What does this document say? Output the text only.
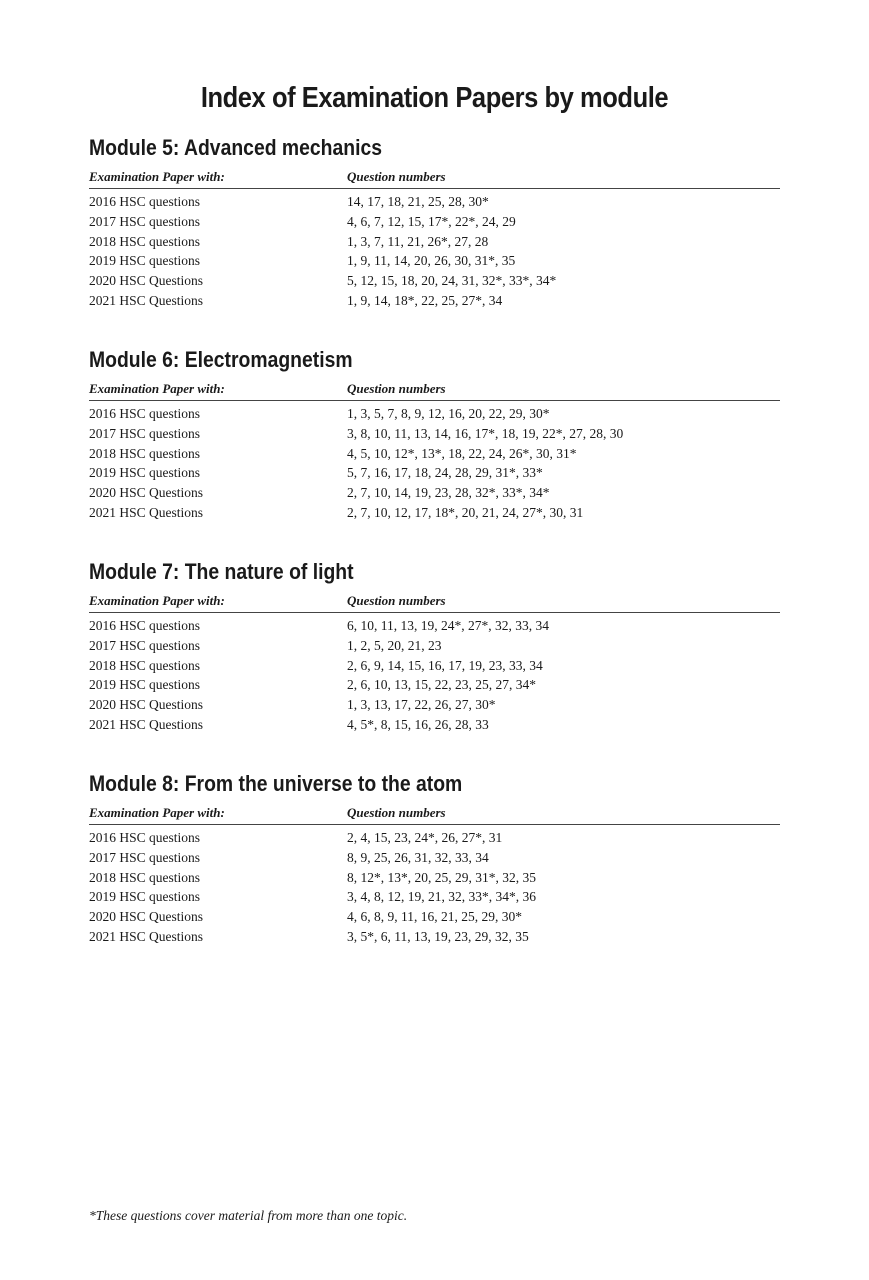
Index of Examination Papers by module
Module 5: Advanced mechanics
Examination Paper with:	Question numbers
2016 HSC questions	14, 17, 18, 21, 25, 28, 30*
2017 HSC questions	4, 6, 7, 12, 15, 17*, 22*, 24, 29
2018 HSC questions	1, 3, 7, 11, 21, 26*, 27, 28
2019 HSC questions	1, 9, 11, 14, 20, 26, 30, 31*, 35
2020 HSC Questions	5, 12, 15, 18, 20, 24, 31, 32*, 33*, 34*
2021 HSC Questions	1, 9, 14, 18*, 22, 25, 27*, 34
Module 6: Electromagnetism
Examination Paper with:	Question numbers
2016 HSC questions	1, 3, 5, 7, 8, 9, 12, 16, 20, 22, 29, 30*
2017 HSC questions	3, 8, 10, 11, 13, 14, 16, 17*, 18, 19, 22*, 27, 28, 30
2018 HSC questions	4, 5, 10, 12*, 13*, 18, 22, 24, 26*, 30, 31*
2019 HSC questions	5, 7, 16, 17, 18, 24, 28, 29, 31*, 33*
2020 HSC Questions	2, 7, 10, 14, 19, 23, 28, 32*, 33*, 34*
2021 HSC Questions	2, 7, 10, 12, 17, 18*, 20, 21, 24, 27*, 30, 31
Module 7: The nature of light
Examination Paper with:	Question numbers
2016 HSC questions	6, 10, 11, 13, 19, 24*, 27*, 32, 33, 34
2017 HSC questions	1, 2, 5, 20, 21, 23
2018 HSC questions	2, 6, 9, 14, 15, 16, 17, 19, 23, 33, 34
2019 HSC questions	2, 6, 10, 13, 15, 22, 23, 25, 27, 34*
2020 HSC Questions	1, 3, 13, 17, 22, 26, 27, 30*
2021 HSC Questions	4, 5*, 8, 15, 16, 26, 28, 33
Module 8: From the universe to the atom
Examination Paper with:	Question numbers
2016 HSC questions	2, 4, 15, 23, 24*, 26, 27*, 31
2017 HSC questions	8, 9, 25, 26, 31, 32, 33, 34
2018 HSC questions	8, 12*, 13*, 20, 25, 29, 31*, 32, 35
2019 HSC questions	3, 4, 8, 12, 19, 21, 32, 33*, 34*, 36
2020 HSC Questions	4, 6, 8, 9, 11, 16, 21, 25, 29, 30*
2021 HSC Questions	3, 5*, 6, 11, 13, 19, 23, 29, 32, 35

*These questions cover material from more than one topic.
